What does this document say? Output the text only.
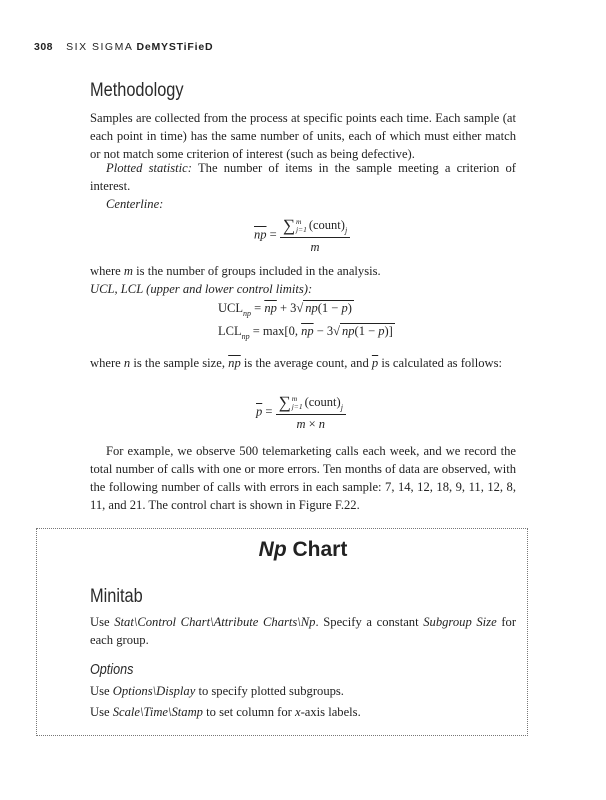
308 SIX SIGMA DeMYSTiFieD
Methodology
Samples are collected from the process at specific points each time. Each sample (at each point in time) has the same number of units, each of which must either match or not match some criterion of interest (such as being defective).
Plotted statistic: The number of items in the sample meeting a criterion of interest.
Centerline:
$\overline{np} = \sum m$
j=1 $(count)_j$
m
where m is the number of groups included in the analysis.
UCL, LCL (upper and lower control limits):
$UCL_{np} = \overline{np} + 3√$ $np(1 - \overline{p})$
$LCL_{np} = \max[0$, $\overline{np} - 3√$ $np(1 - \overline{p})$]
where n is the sample size, $\overline{np}$ is the average count, and $\overline{p}$ is calculated as follows:
$\overline{p} = \sum m$
j=1 $(count)_j$
m × n
For example, we observe 500 telemarketing calls each week, and we record the total number of calls with one or more errors. Ten months of data are observed, with the following number of calls with errors in each sample: 7, 14, 12, 18, 9, 11, 12, 8, 11, and 21. The control chart is shown in Figure F.22.
Np Chart
Minitab
Use Stat\Control Chart\Attribute Charts\Np. Specify a constant Subgroup Size for each group.
Options
Use Options\Display to specify plotted subgroups.
Use Scale\Time\Stamp to set column for x-axis labels.
